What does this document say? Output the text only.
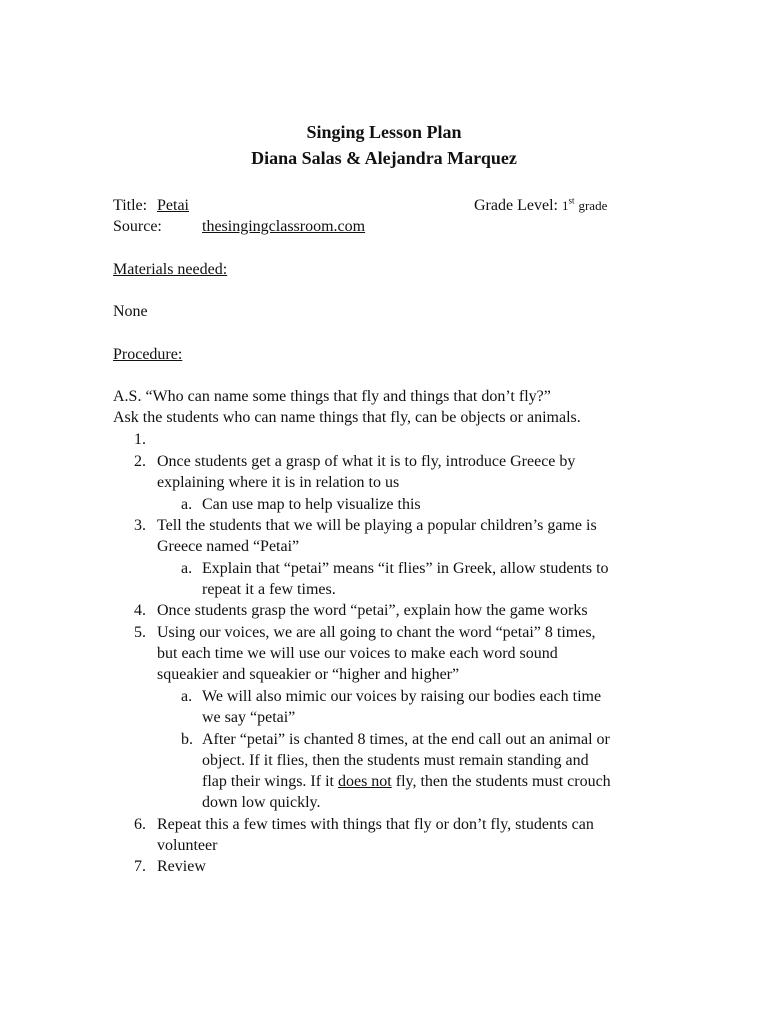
Singing Lesson Plan
Diana Salas & Alejandra Marquez
Title: Petai	Grade Level: 1st grade
Source:	thesingingclassroom.com
Materials needed:
None
Procedure:
A.S. “Who can name some things that fly and things that don’t fly?”
Ask the students who can name things that fly, can be objects or animals.
1.
2. Once students get a grasp of what it is to fly, introduce Greece by
explaining where it is in relation to us
a. Can use map to help visualize this
3. Tell the students that we will be playing a popular children’s game is
Greece named “Petai”
a. Explain that “petai” means “it flies” in Greek, allow students to
repeat it a few times.
4. Once students grasp the word “petai”, explain how the game works
5. Using our voices, we are all going to chant the word “petai” 8 times,
but each time we will use our voices to make each word sound
squeakier and squeakier or “higher and higher”
a. We will also mimic our voices by raising our bodies each time
we say “petai”
b. After “petai” is chanted 8 times, at the end call out an animal or
object. If it flies, then the students must remain standing and
flap their wings. If it does not fly, then the students must crouch
down low quickly.
6. Repeat this a few times with things that fly or don’t fly, students can
volunteer
7. Review
